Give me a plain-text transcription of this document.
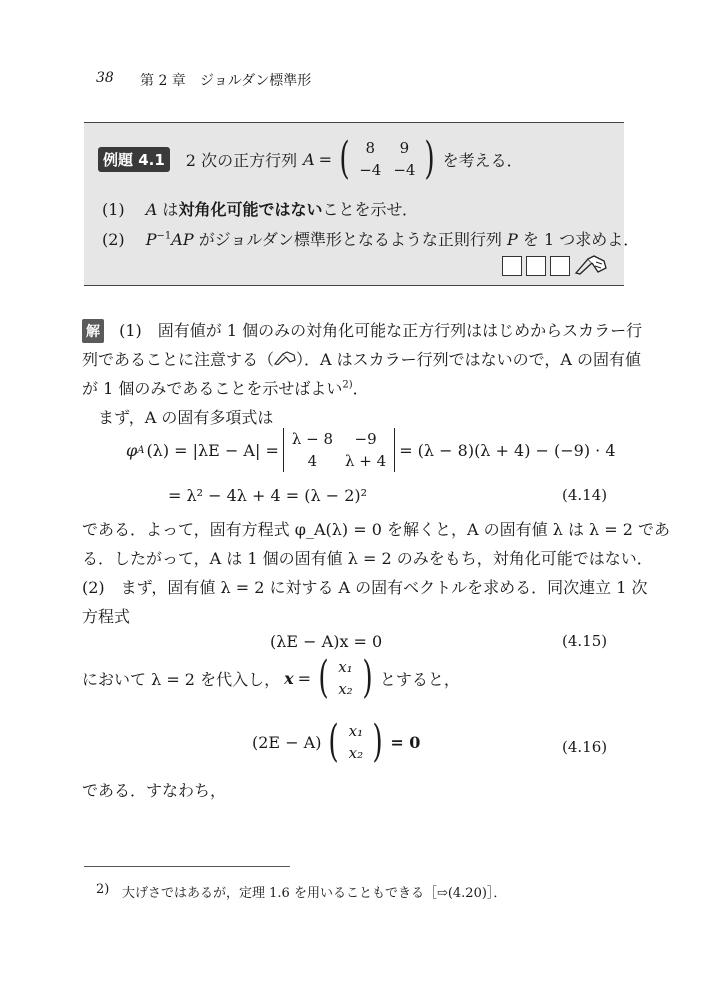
38 第 2 章 ジョルダン標準形
例題 4.1	2 次の正方行列 A = ( 8	9
−4	−4 ) を考える．
(1) A は対角化可能ではないことを示せ．
(2) $P^{-1}AP$ がジョルダン標準形となるような正則行列 P を 1 つ求めよ．
解 (1)　固有値が 1 個のみの対角化可能な正方行列ははじめからスカラー行
列であることに注意する（ ）．A はスカラー行列ではないので，A の固有値
が 1 個のみであることを示せばよい$^{2)}$．
まず，A の固有多項式は
φ A (λ) = |λE − A| =
λ − 8	−9
4	λ + 4
= (λ − 8)(λ + 4) − (−9) · 4
= λ² − 4λ + 4 = (λ − 2)²	(4.14)
である．よって，固有方程式 φ_A(λ) = 0 を解くと，A の固有値 λ は λ = 2 であ
る．したがって，A は 1 個の固有値 λ = 2 のみをもち，対角化可能ではない．
(2)　まず，固有値 λ = 2 に対する A の固有ベクトルを求める．同次連立 1 次
方程式
(λE − A)x = 0	(4.15)
において λ = 2 を代入し， x = ( x₁
x₂ ) とすると，
(2E − A) ( x₁
x₂ ) = 0	(4.16)
である．すなわち，
2) 大げさではあるが，定理 1.6 を用いることもできる［⇨(4.20)］．
